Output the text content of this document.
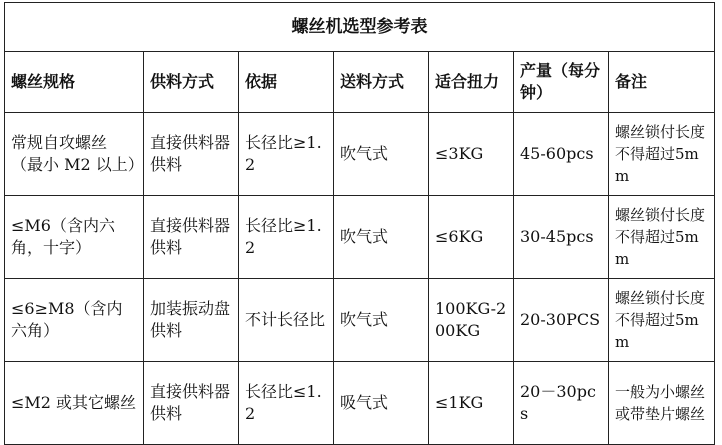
螺丝机选型参考表						
螺丝规格	供料方式	依据	送料方式	适合扭力	产量（每分钟）	备注
常规自攻螺丝（最小 M2 以上）	直接供料器供料	长径比≥1.2	吹气式	≤3KG	45-60pcs	螺丝锁付长度不得超过5mm
≤M6（含内六角，十字）	直接供料器供料	长径比≥1.2	吹气式	≤6KG	30-45pcs	螺丝锁付长度不得超过5mm
≤6≥M8（含内六角）	加装振动盘供料	不计长径比	吹气式	100KG-200KG	20-30PCS	螺丝锁付长度不得超过5mm
≤M2 或其它螺丝	直接供料器供料	长径比≤1.2	吸气式	≤1KG	20－30pcs	一般为小螺丝或带垫片螺丝
